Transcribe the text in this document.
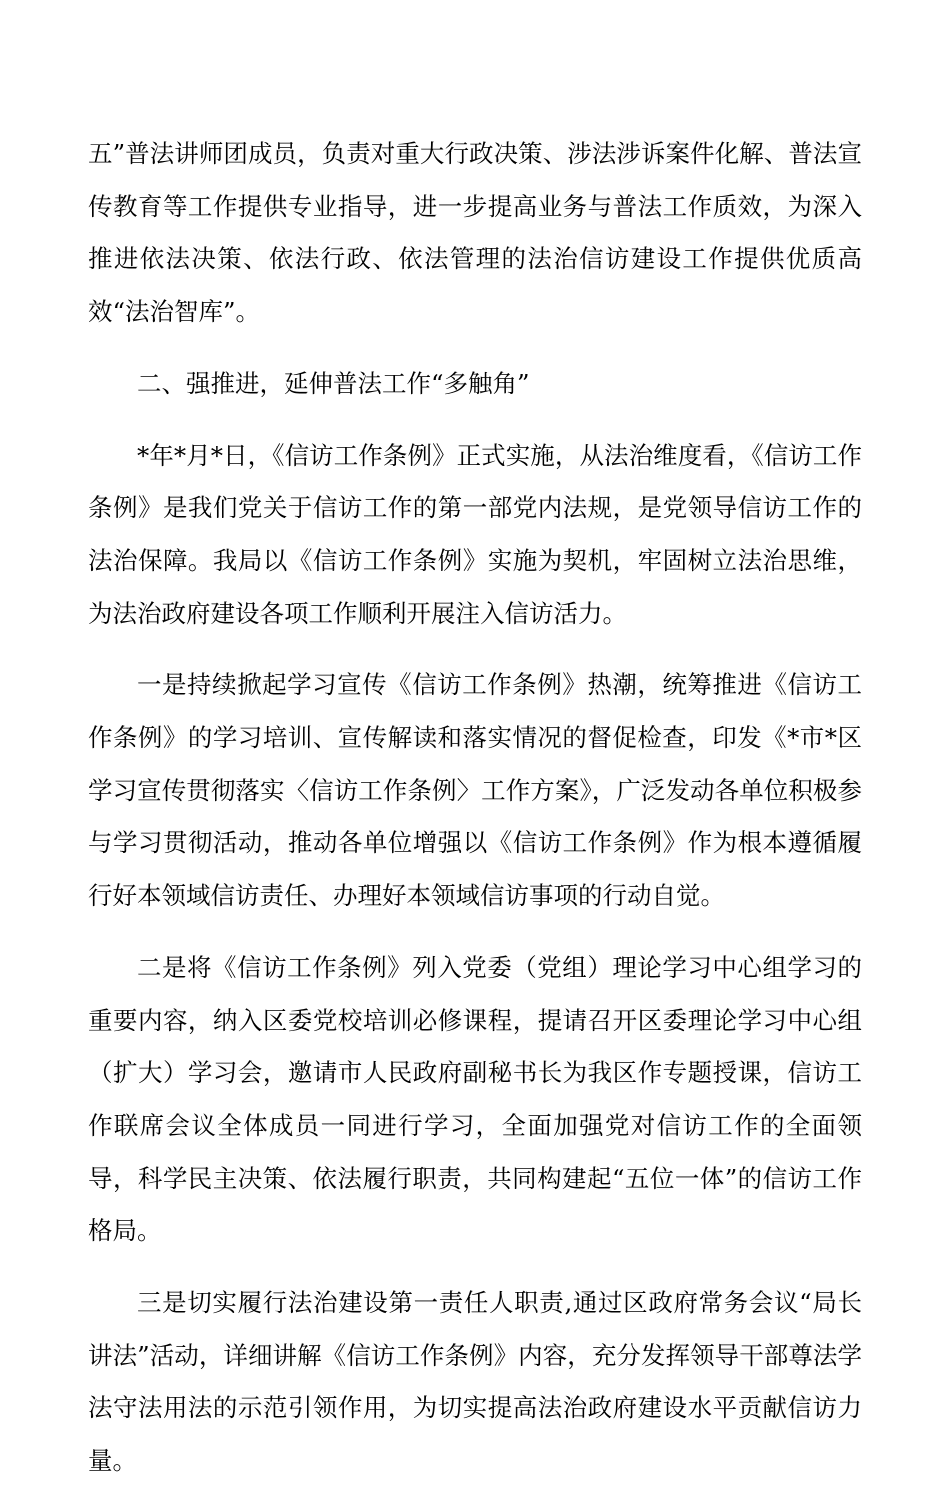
五”普法讲师团成员，负责对重大行政决策、涉法涉诉案件化解、普法宣传教育等工作提供专业指导，进一步提高业务与普法工作质效，为深入推进依法决策、依法行政、依法管理的法治信访建设工作提供优质高效“法治智库”。

二、强推进，延伸普法工作“多触角”

*年*月*日，《信访工作条例》正式实施，从法治维度看，《信访工作条例》是我们党关于信访工作的第一部党内法规，是党领导信访工作的法治保障。我局以《信访工作条例》实施为契机，牢固树立法治思维，为法治政府建设各项工作顺利开展注入信访活力。

一是持续掀起学习宣传《信访工作条例》热潮，统筹推进《信访工作条例》的学习培训、宣传解读和落实情况的督促检查，印发《*市*区学习宣传贯彻落实〈信访工作条例〉工作方案》，广泛发动各单位积极参与学习贯彻活动，推动各单位增强以《信访工作条例》作为根本遵循履行好本领域信访责任、办理好本领域信访事项的行动自觉。

二是将《信访工作条例》列入党委（党组）理论学习中心组学习的重要内容，纳入区委党校培训必修课程，提请召开区委理论学习中心组（扩大）学习会，邀请市人民政府副秘书长为我区作专题授课，信访工作联席会议全体成员一同进行学习，全面加强党对信访工作的全面领导，科学民主决策、依法履行职责，共同构建起“五位一体”的信访工作格局。

三是切实履行法治建设第一责任人职责,通过区政府常务会议“局长讲法”活动，详细讲解《信访工作条例》内容，充分发挥领导干部尊法学法守法用法的示范引领作用，为切实提高法治政府建设水平贡献信访力量。
